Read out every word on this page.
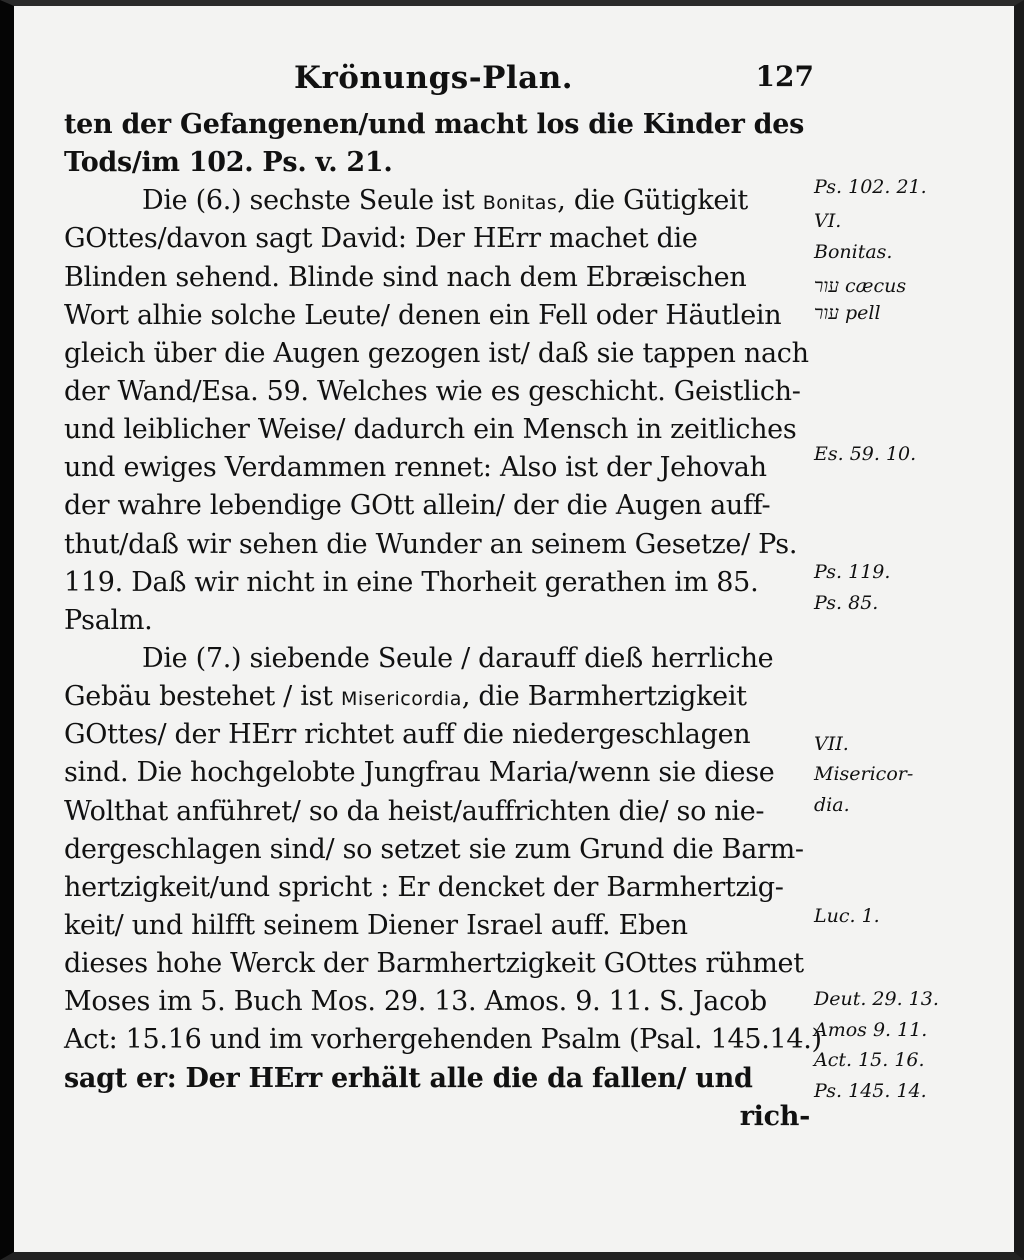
Krönungs-Plan.	127
ten der Gefangenen/und macht los die Kinder des
Tods/im 102. Ps. v. 21.
Die (6.) sechste Seule ist Bonitas, die Gütigkeit
GOttes/davon sagt David: Der HErr machet die
Blinden sehend. Blinde sind nach dem Ebræischen
Wort alhie solche Leute/ denen ein Fell oder Häutlein
gleich über die Augen gezogen ist/ daß sie tappen nach
der Wand/Esa. 59. Welches wie es geschicht. Geistlich-
und leiblicher Weise/ dadurch ein Mensch in zeitliches
und ewiges Verdammen rennet: Also ist der Jehovah
der wahre lebendige GOtt allein/ der die Augen auff-
thut/daß wir sehen die Wunder an seinem Gesetze/ Ps.
119. Daß wir nicht in eine Thorheit gerathen im 85.
Psalm.
Die (7.) siebende Seule / darauff dieß herrliche
Gebäu bestehet / ist Misericordia, die Barmhertzigkeit
GOttes/ der HErr richtet auff die niedergeschlagen
sind. Die hochgelobte Jungfrau Maria/wenn sie diese
Wolthat anführet/ so da heist/auffrichten die/ so nie-
dergeschlagen sind/ so setzet sie zum Grund die Barm-
hertzigkeit/und spricht : Er dencket der Barmhertzig-
keit/ und hilfft seinem Diener Israel auff. Eben
dieses hohe Werck der Barmhertzigkeit GOttes rühmet
Moses im 5. Buch Mos. 29. 13. Amos. 9. 11. S. Jacob
Act: 15.16 und im vorhergehenden Psalm (Psal. 145.14.)
sagt er: Der HErr erhält alle die da fallen/ und
rich-
Ps. 102. 21.
VI.
Bonitas.
עור cæcus
עור pell
Es. 59. 10.
Ps. 119.
Ps. 85.
VII.
Misericor-
dia.
Luc. 1.
Deut. 29. 13.
Amos 9. 11.
Act. 15. 16.
Ps. 145. 14.
